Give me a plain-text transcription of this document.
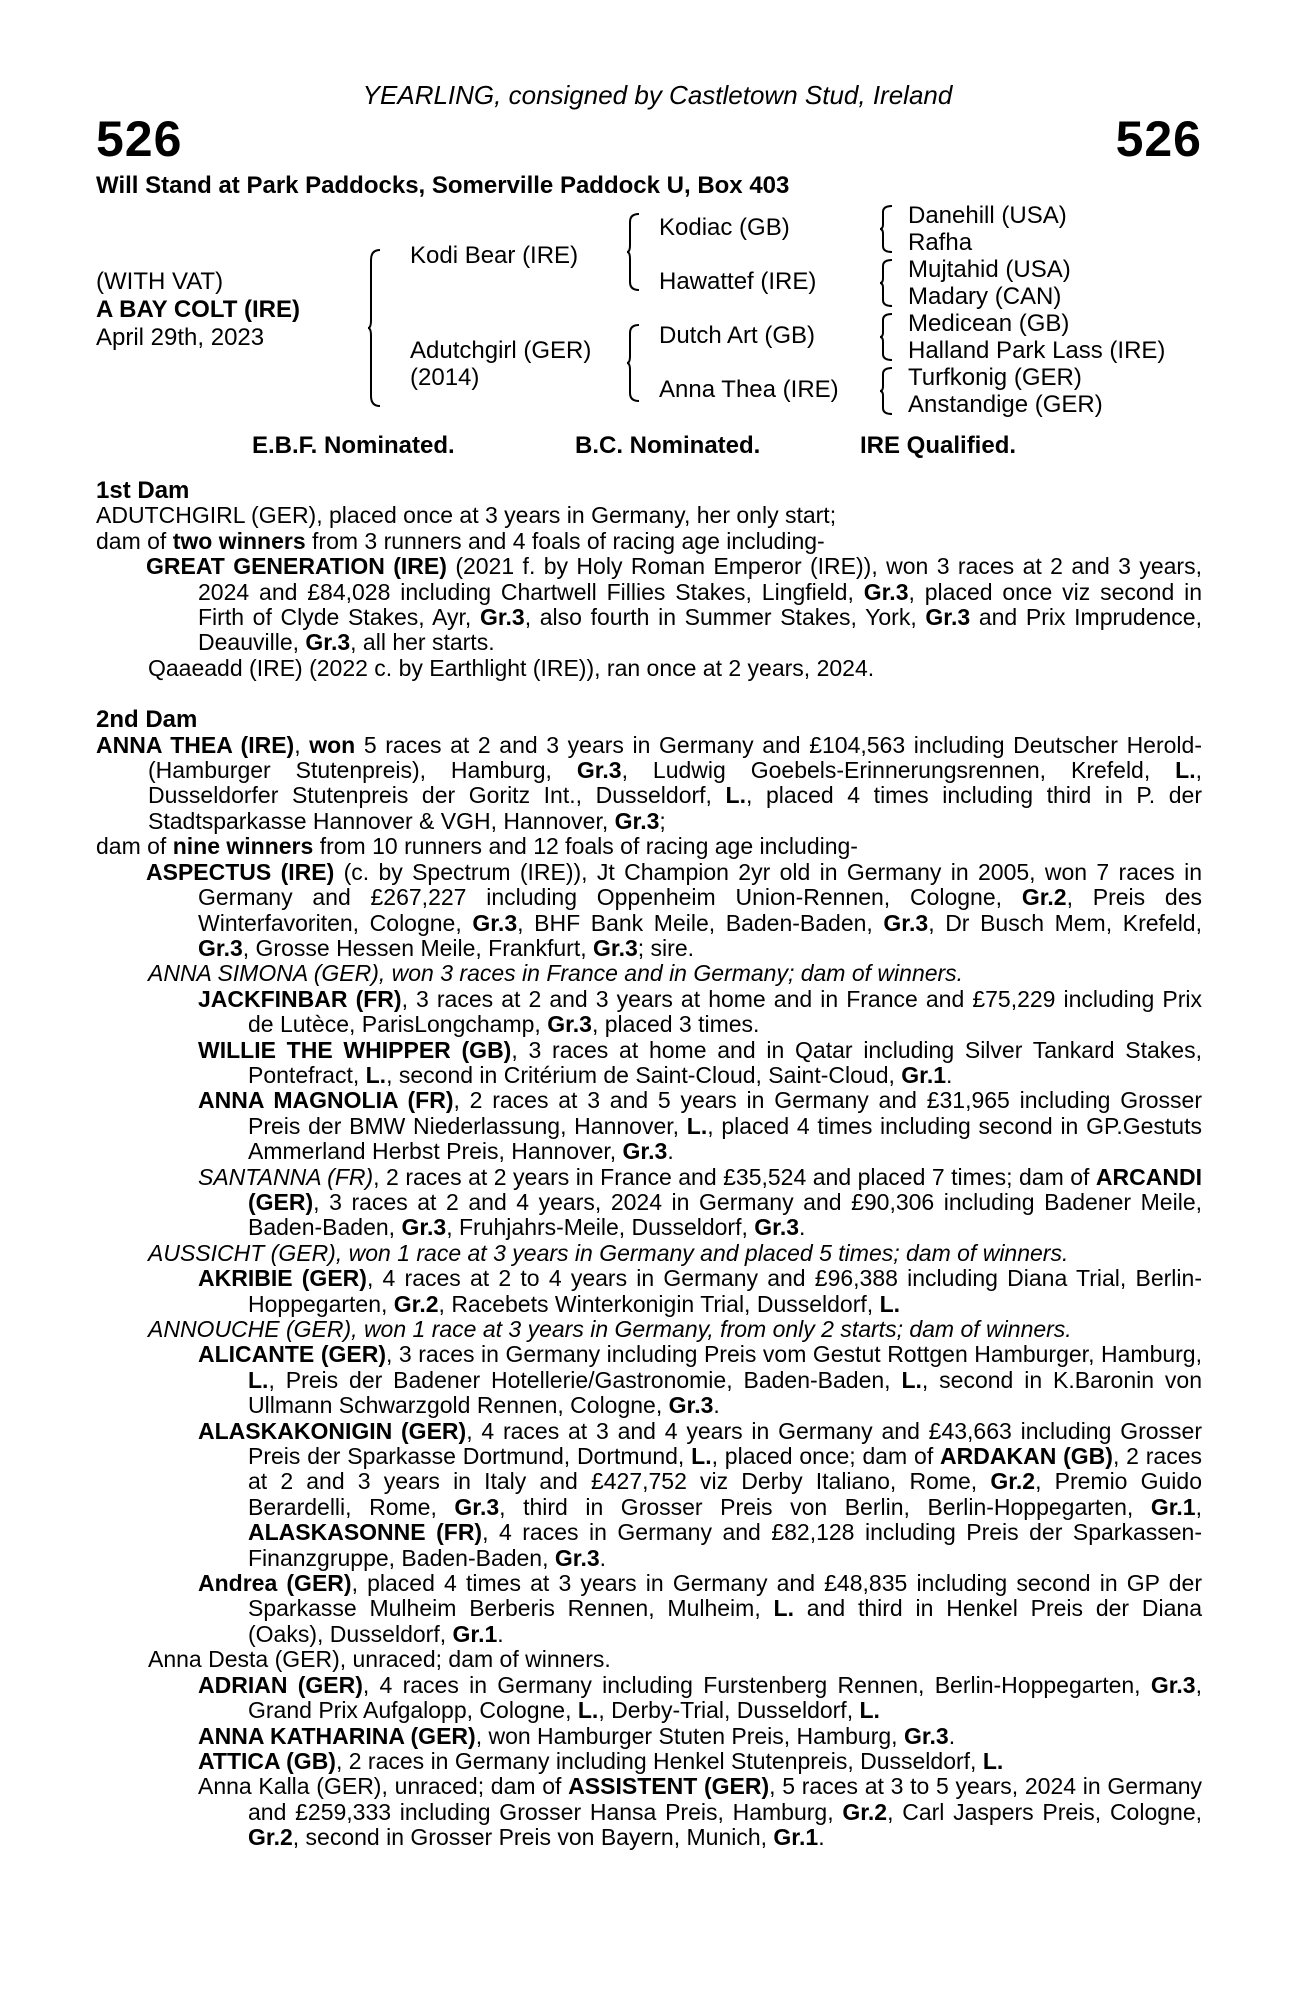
YEARLING, consigned by Castletown Stud, Ireland
526	526
Will Stand at Park Paddocks, Somerville Paddock U, Box 403
(WITH VAT)
A BAY COLT (IRE)
April 29th, 2023
Kodi Bear (IRE)
Adutchgirl (GER)
(2014)
Kodiac (GB)
Hawattef (IRE)
Dutch Art (GB)
Anna Thea (IRE)
Danehill (USA)
Rafha
Mujtahid (USA)
Madary (CAN)
Medicean (GB)
Halland Park Lass (IRE)
Turfkonig (GER)
Anstandige (GER)
E.B.F. Nominated.	B.C. Nominated.	IRE Qualified.

1st Dam

ADUTCHGIRL (GER), placed once at 3 years in Germany, her only start;

dam of two winners from 3 runners and 4 foals of racing age including-

GREAT GENERATION (IRE) (2021 f. by Holy Roman Emperor (IRE)), won 3 races at 2 and 3 years, 2024 and £84,028 including Chartwell Fillies Stakes, Lingfield, Gr.3, placed once viz second in Firth of Clyde Stakes, Ayr, Gr.3, also fourth in Summer Stakes, York, Gr.3 and Prix Imprudence, Deauville, Gr.3, all her starts.

Qaaeadd (IRE) (2022 c. by Earthlight (IRE)), ran once at 2 years, 2024.

2nd Dam

ANNA THEA (IRE), won 5 races at 2 and 3 years in Germany and £104,563 including Deutscher Herold-(Hamburger Stutenpreis), Hamburg, Gr.3, Ludwig Goebels-Erinnerungsrennen, Krefeld, L., Dusseldorfer Stutenpreis der Goritz Int., Dusseldorf, L., placed 4 times including third in P. der Stadtsparkasse Hannover & VGH, Hannover, Gr.3;

dam of nine winners from 10 runners and 12 foals of racing age including-

ASPECTUS (IRE) (c. by Spectrum (IRE)), Jt Champion 2yr old in Germany in 2005, won 7 races in Germany and £267,227 including Oppenheim Union-Rennen, Cologne, Gr.2, Preis des Winterfavoriten, Cologne, Gr.3, BHF Bank Meile, Baden-Baden, Gr.3, Dr Busch Mem, Krefeld, Gr.3, Grosse Hessen Meile, Frankfurt, Gr.3; sire.

ANNA SIMONA (GER), won 3 races in France and in Germany; dam of winners.

JACKFINBAR (FR), 3 races at 2 and 3 years at home and in France and £75,229 including Prix de Lutèce, ParisLongchamp, Gr.3, placed 3 times.

WILLIE THE WHIPPER (GB), 3 races at home and in Qatar including Silver Tankard Stakes, Pontefract, L., second in Critérium de Saint-Cloud, Saint-Cloud, Gr.1.

ANNA MAGNOLIA (FR), 2 races at 3 and 5 years in Germany and £31,965 including Grosser Preis der BMW Niederlassung, Hannover, L., placed 4 times including second in GP.Gestuts Ammerland Herbst Preis, Hannover, Gr.3.

SANTANNA (FR), 2 races at 2 years in France and £35,524 and placed 7 times; dam of ARCANDI (GER), 3 races at 2 and 4 years, 2024 in Germany and £90,306 including Badener Meile, Baden-Baden, Gr.3, Fruhjahrs-Meile, Dusseldorf, Gr.3.

AUSSICHT (GER), won 1 race at 3 years in Germany and placed 5 times; dam of winners.

AKRIBIE (GER), 4 races at 2 to 4 years in Germany and £96,388 including Diana Trial, Berlin-Hoppegarten, Gr.2, Racebets Winterkonigin Trial, Dusseldorf, L.

ANNOUCHE (GER), won 1 race at 3 years in Germany, from only 2 starts; dam of winners.

ALICANTE (GER), 3 races in Germany including Preis vom Gestut Rottgen Hamburger, Hamburg, L., Preis der Badener Hotellerie/Gastronomie, Baden-Baden, L., second in K.Baronin von Ullmann Schwarzgold Rennen, Cologne, Gr.3.

ALASKAKONIGIN (GER), 4 races at 3 and 4 years in Germany and £43,663 including Grosser Preis der Sparkasse Dortmund, Dortmund, L., placed once; dam of ARDAKAN (GB), 2 races at 2 and 3 years in Italy and £427,752 viz Derby Italiano, Rome, Gr.2, Premio Guido Berardelli, Rome, Gr.3, third in Grosser Preis von Berlin, Berlin-Hoppegarten, Gr.1, ALASKASONNE (FR), 4 races in Germany and £82,128 including Preis der Sparkassen-Finanzgruppe, Baden-Baden, Gr.3.

Andrea (GER), placed 4 times at 3 years in Germany and £48,835 including second in GP der Sparkasse Mulheim Berberis Rennen, Mulheim, L. and third in Henkel Preis der Diana (Oaks), Dusseldorf, Gr.1.

Anna Desta (GER), unraced; dam of winners.

ADRIAN (GER), 4 races in Germany including Furstenberg Rennen, Berlin-Hoppegarten, Gr.3, Grand Prix Aufgalopp, Cologne, L., Derby-Trial, Dusseldorf, L.

ANNA KATHARINA (GER), won Hamburger Stuten Preis, Hamburg, Gr.3.

ATTICA (GB), 2 races in Germany including Henkel Stutenpreis, Dusseldorf, L.

Anna Kalla (GER), unraced; dam of ASSISTENT (GER), 5 races at 3 to 5 years, 2024 in Germany and £259,333 including Grosser Hansa Preis, Hamburg, Gr.2, Carl Jaspers Preis, Cologne, Gr.2, second in Grosser Preis von Bayern, Munich, Gr.1.
